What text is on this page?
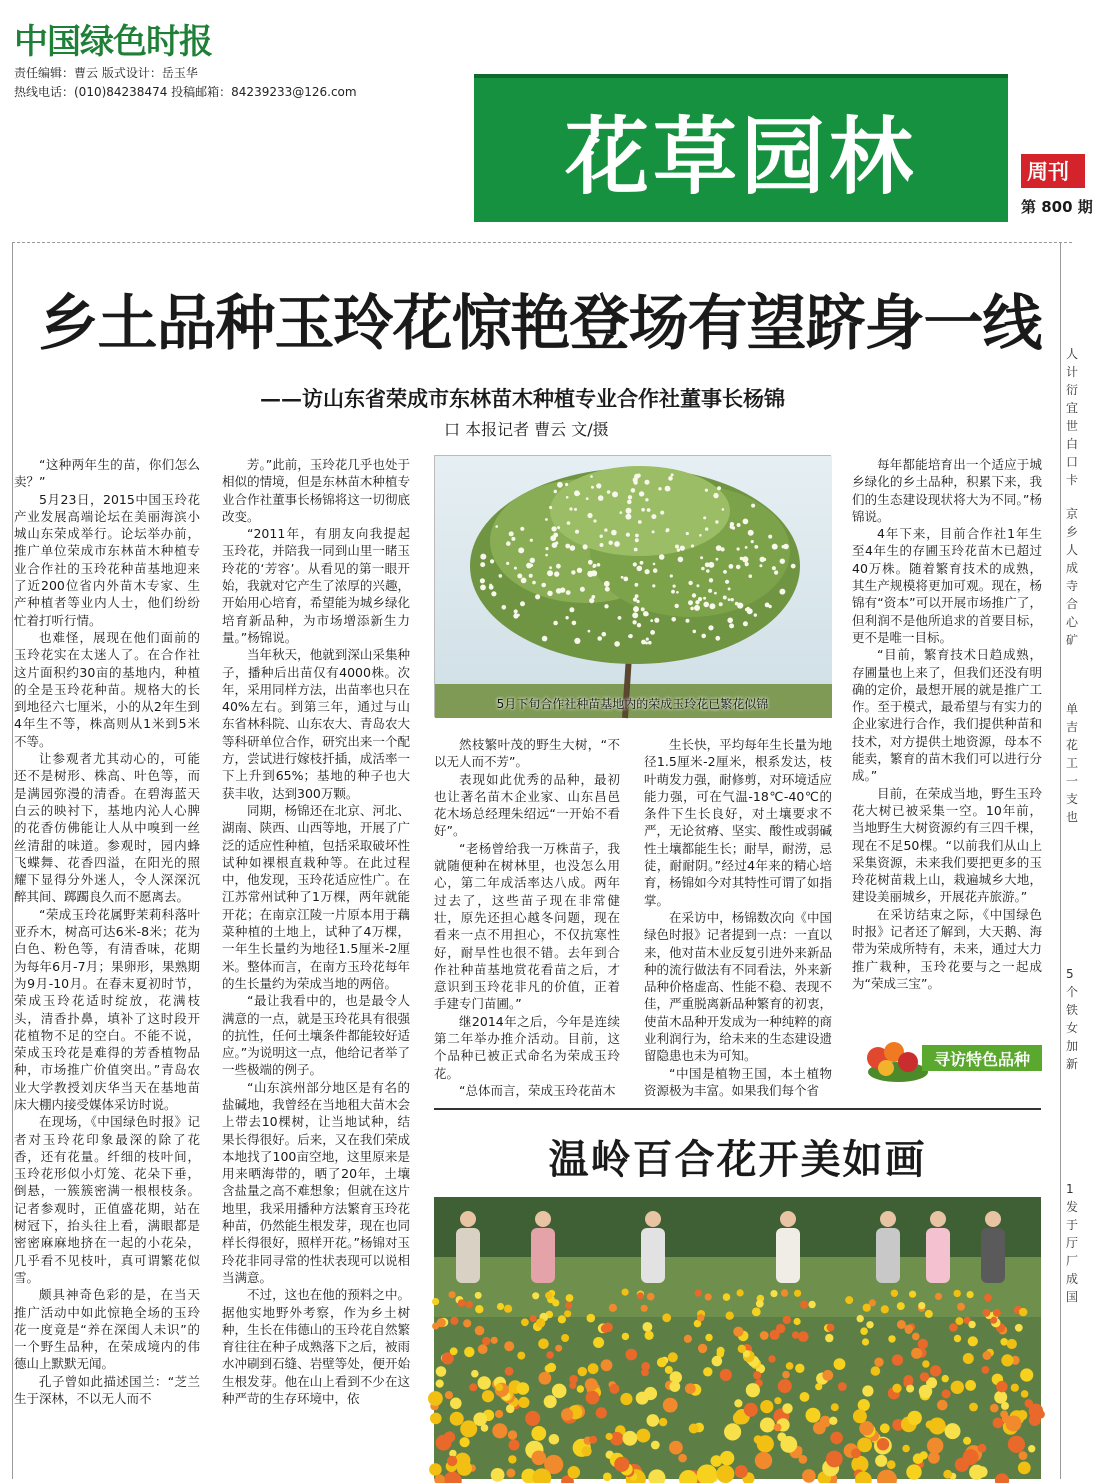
中国绿色时报
责任编辑：曹云 版式设计：岳玉华
热线电话：(010)84238474 投稿邮箱：84239233@126.com
花草园林	周刊
第 800 期
乡土品种玉玲花惊艳登场有望跻身一线
——访山东省荣成市东林苗木种植专业合作社董事长杨锦
口 本报记者 曹云 文/摄

“这种两年生的苗，你们怎么卖？”

5月23日，2015中国玉玲花产业发展高端论坛在美丽海滨小城山东荣成举行。论坛举办前，推广单位荣成市东林苗木种植专业合作社的玉玲花种苗基地迎来了近200位省内外苗木专家、生产种植者等业内人士，他们纷纷忙着打听行情。

也难怪，展现在他们面前的玉玲花实在太迷人了。在合作社这片面积约30亩的基地内，种植的全是玉玲花种苗。规格大的长到地径六七厘米，小的从2年生到4年生不等，株高则从1米到5米不等。

让参观者尤其动心的，可能还不是树形、株高、叶色等，而是满园弥漫的清香。在碧海蓝天白云的映衬下，基地内沁人心脾的花香仿佛能让人从中嗅到一丝丝清甜的味道。参观时，园内蜂飞蝶舞、花香四溢，在阳光的照耀下显得分外迷人，令人深深沉醉其间、踯躅良久而不愿离去。

“荣成玉玲花属野茉莉科落叶亚乔木，树高可达6米-8米；花为白色、粉色等，有清香味，花期为每年6月-7月；果卵形，果熟期为9月-10月。在春末夏初时节，荣成玉玲花适时绽放，花满枝头，清香扑鼻，填补了这时段开花植物不足的空白。不能不说，荣成玉玲花是难得的芳香植物品种，市场推广价值突出。”青岛农业大学教授刘庆华当天在基地苗床大棚内接受媒体采访时说。

在现场，《中国绿色时报》记者对玉玲花印象最深的除了花香，还有花量。纤细的枝叶间，玉玲花形似小灯笼、花朵下垂，倒悬，一簇簇密满一根根枝条。记者参观时，正值盛花期，站在树冠下，抬头往上看，满眼都是密密麻麻地挤在一起的小花朵，几乎看不见枝叶，真可谓繁花似雪。

颇具神奇色彩的是，在当天推广活动中如此惊艳全场的玉玲花一度竟是“养在深闺人未识”的一个野生品种，在荣成境内的伟德山上默默无闻。

孔子曾如此描述国兰：“芝兰生于深林，不以无人而不

芳。”此前，玉玲花几乎也处于相似的情境，但是东林苗木种植专业合作社董事长杨锦将这一切彻底改变。

“2011年，有朋友向我提起玉玲花，并陪我一同到山里一睹玉玲花的‘芳容’。从看见的第一眼开始，我就对它产生了浓厚的兴趣，开始用心培育，希望能为城乡绿化培育新品种，为市场增添新生力量。”杨锦说。

当年秋天，他就到深山采集种子，播种后出苗仅有4000株。次年，采用同样方法，出苗率也只在40%左右。到第三年，通过与山东省林科院、山东农大、青岛农大等科研单位合作，研究出来一个配方，尝试进行嫁枝扦插，成活率一下上升到65%；基地的种子也大获丰收，达到300万颗。

同期，杨锦还在北京、河北、湖南、陕西、山西等地，开展了广泛的适应性种植，包括采取破坏性试种如裸根直栽种等。在此过程中，他发现，玉玲花适应性广。在江苏常州试种了1万棵，两年就能开花；在南京江陵一片原本用于藕菜种植的土地上，试种了4万棵，一年生长量约为地径1.5厘米-2厘米。整体而言，在南方玉玲花每年的生长量约为荣成当地的两倍。

“最让我看中的，也是最令人满意的一点，就是玉玲花具有很强的抗性，任何土壤条件都能较好适应。”为说明这一点，他给记者举了一些极端的例子。

“山东滨州部分地区是有名的盐碱地，我曾经在当地租大苗木会上带去10棵树，让当地试种，结果长得很好。后来，又在我们荣成本地找了100亩空地，这里原来是用来晒海带的，晒了20年，土壤含盐量之高不难想象；但就在这片地里，我采用播种方法繁育玉玲花种苗，仍然能生根发芽，现在也同样长得很好，照样开花。”杨锦对玉玲花非同寻常的性状表现可以说相当满意。

不过，这也在他的预料之中。据他实地野外考察，作为乡土树种，生长在伟德山的玉玲花自然繁育往往在种子成熟落下之后，被雨水冲刷到石缝、岩壁等处，便开始生根发芽。他在山上看到不少在这种严苛的生存环境中，依

然枝繁叶茂的野生大树，“不以无人而不芳”。

表现如此优秀的品种，最初也让著名苗木企业家、山东昌邑花木场总经理朱绍远“一开始不看好”。

“老杨曾给我一万株苗子，我就随便种在树林里，也没怎么用心，第二年成活率达八成。两年过去了，这些苗子现在非常健壮，原先还担心越冬问题，现在看来一点不用担心，不仅抗寒性好，耐旱性也很不错。去年到合作社种苗基地赏花看苗之后，才意识到玉玲花非凡的价值，正着手建专门苗圃。”

继2014年之后，今年是连续第二年举办推介活动。目前，这个品种已被正式命名为荣成玉玲花。

“总体而言，荣成玉玲花苗木

生长快，平均每年生长量为地径1.5厘米-2厘米，根系发达，枝叶萌发力强，耐修剪，对环境适应能力强，可在气温-18℃-40℃的条件下生长良好，对土壤要求不严，无论贫瘠、坚实、酸性或弱碱性土壤都能生长；耐旱，耐涝，忌徒，耐耐阴。”经过4年来的精心培育，杨锦如今对其特性可谓了如指掌。

在采访中，杨锦数次向《中国绿色时报》记者提到一点：一直以来，他对苗木业反复引进外来新品种的流行做法有不同看法，外来新品种价格虚高、性能不稳、表现不佳，严重脱离新品种繁育的初衷，使苗木品种开发成为一种纯粹的商业利润行为，给未来的生态建设遗留隐患也未为可知。

“中国是植物王国，本土植物资源极为丰富。如果我们每个省

每年都能培育出一个适应于城乡绿化的乡土品种，积累下来，我们的生态建设现状将大为不同。”杨锦说。

4年下来，目前合作社1年生至4年生的存圃玉玲花苗木已超过40万株。随着繁育技术的成熟，其生产规模将更加可观。现在，杨锦有“资本”可以开展市场推广了，但利润不是他所追求的首要目标，更不是唯一目标。

“目前，繁育技术日趋成熟，存圃量也上来了，但我们还没有明确的定价，最想开展的就是推广工作。至于模式，最希望与有实力的企业家进行合作，我们提供种苗和技术，对方提供土地资源，母本不能卖，繁育的苗木我们可以进行分成。”

目前，在荣成当地，野生玉玲花大树已被采集一空。10年前，当地野生大树资源约有三四千棵，现在不足50棵。“以前我们从山上采集资源，未来我们要把更多的玉玲花树苗栽上山，栽遍城乡大地，建设美丽城乡，开展花卉旅游。”

在采访结束之际，《中国绿色时报》记者还了解到，大天鹅、海带为荣成所特有，未来，通过大力推广栽种，玉玲花要与之一起成为“荣成三宝”。

5月下旬合作社种苗基地内的荣成玉玲花已繁花似锦
寻访特色品种
温岭百合花开美如画
人计衍宜世白口卡
京乡人成寺合心矿
单吉花工一支也
5个铁女加新
1发于厅厂成国
